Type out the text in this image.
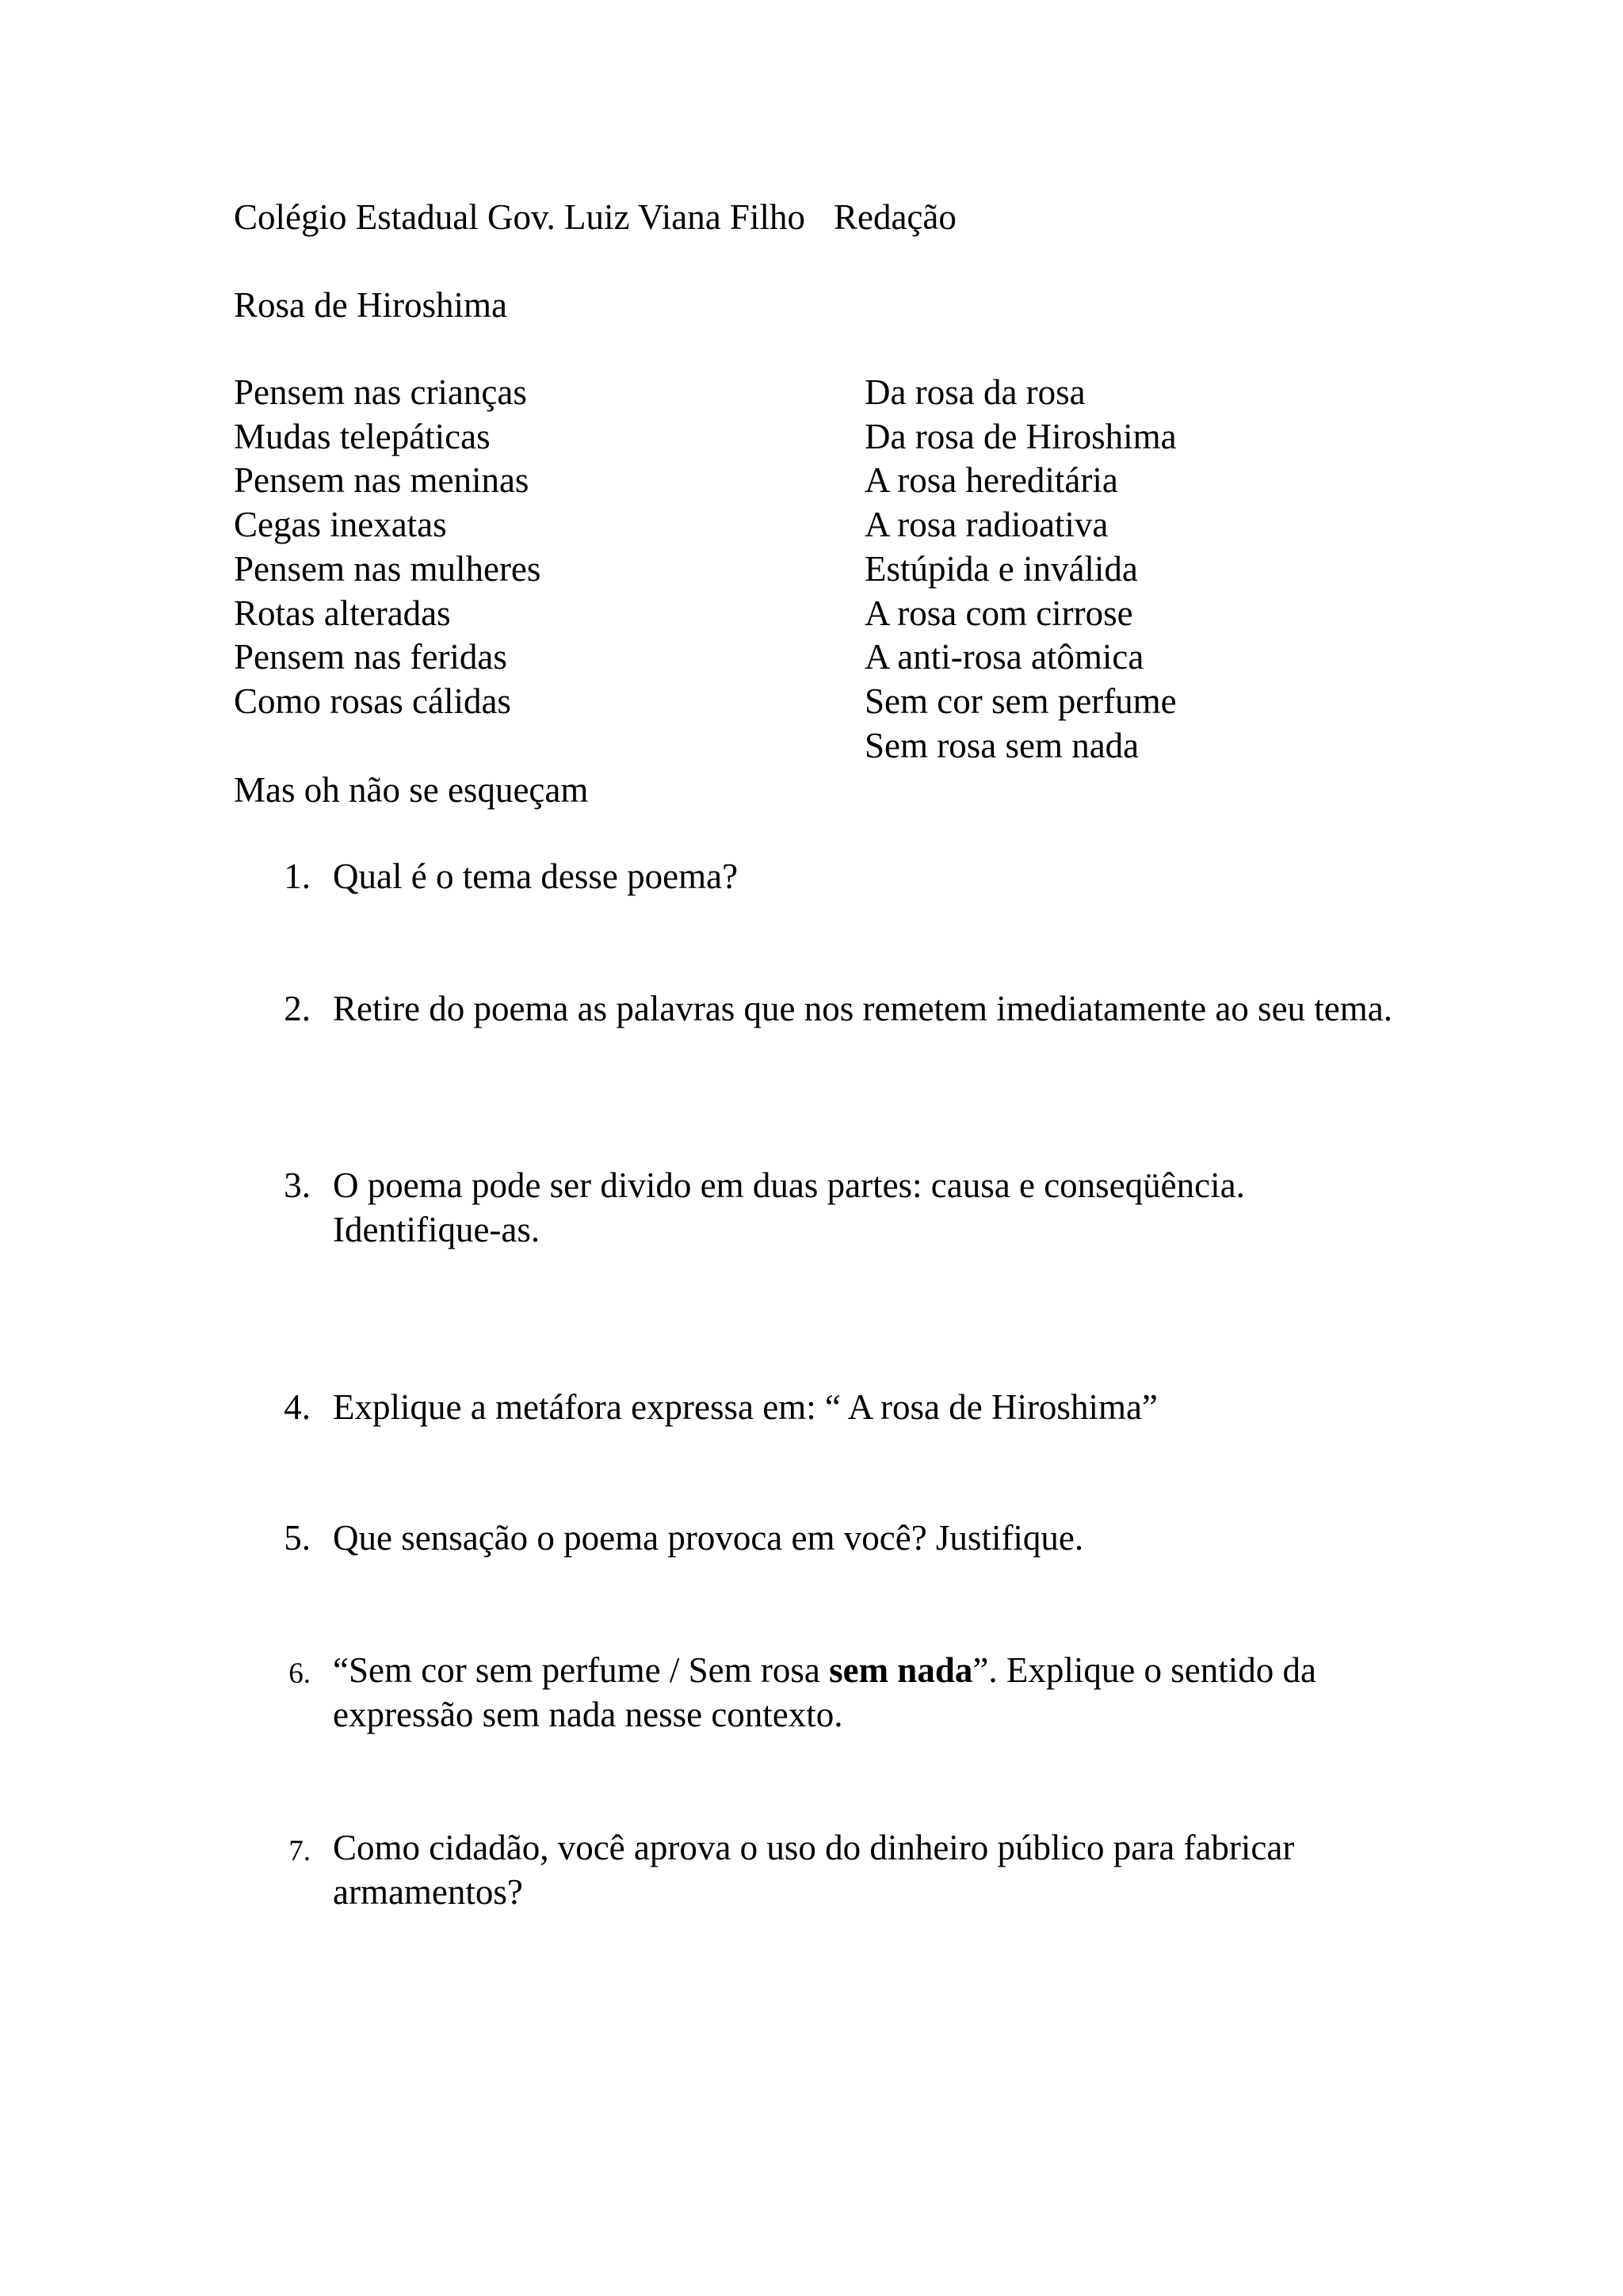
Colégio Estadual Gov. Luiz Viana Filho Redação
Rosa de Hiroshima
Pensem nas crianças
Mudas telepáticas
Pensem nas meninas
Cegas inexatas
Pensem nas mulheres
Rotas alteradas
Pensem nas feridas
Como rosas cálidas
Mas oh não se esqueçam
Da rosa da rosa
Da rosa de Hiroshima
A rosa hereditária
A rosa radioativa
Estúpida e inválida
A rosa com cirrose
A anti-rosa atômica
Sem cor sem perfume
Sem rosa sem nada
1. Qual é o tema desse poema?
2. Retire do poema as palavras que nos remetem imediatamente ao seu tema.
3. O poema pode ser divido em duas partes: causa e conseqüência. Identifique-as.
4. Explique a metáfora expressa em: “ A rosa de Hiroshima”
5. Que sensação o poema provoca em você? Justifique.
6. “Sem cor sem perfume / Sem rosa sem nada”. Explique o sentido da expressão sem nada nesse contexto.
7. Como cidadão, você aprova o uso do dinheiro público para fabricar armamentos?
